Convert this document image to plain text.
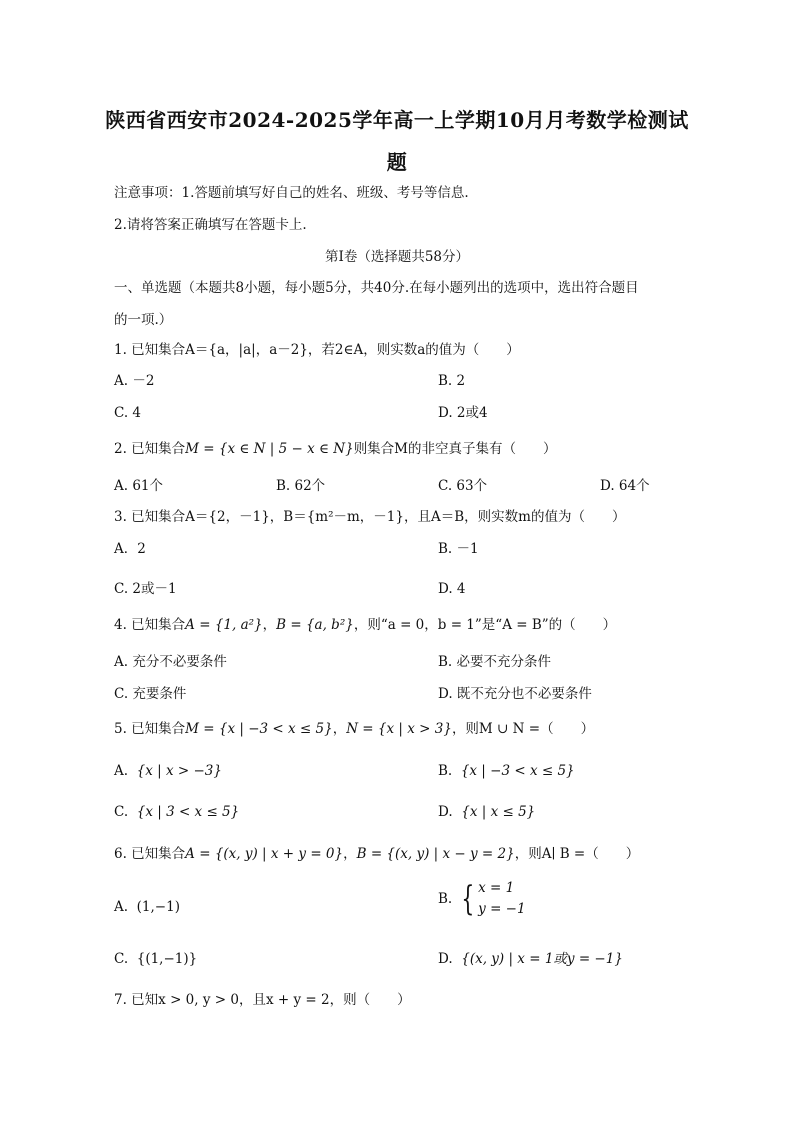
陕西省西安市2024-2025学年高一上学期10月月考数学检测试
题
注意事项：1.答题前填写好自己的姓名、班级、考号等信息.
2.请将答案正确填写在答题卡上.
第I卷（选择题共58分）
一、单选题（本题共8小题，每小题5分，共40分.在每小题列出的选项中，选出符合题目
的一项.）
1. 已知集合A＝{a，|a|，a－2}，若2∈A，则实数a的值为（　　）
A. －2	B. 2
C. 4	D. 2或4
2. 已知集合M = {x ∈ N | 5 − x ∈ N}则集合M的非空真子集有（　　）
A. 61个	B. 62个	C. 63个	D. 64个
3. 已知集合A＝{2，－1}，B＝{m²－m，－1}，且A＝B，则实数m的值为（　　）
A．2	B. －1
C. 2或－1	D. 4
4. 已知集合A = {1, a²}，B = {a, b²}，则“a = 0，b = 1”是“A = B”的（　　）
A. 充分不必要条件	B. 必要不充分条件
C. 充要条件	D. 既不充分也不必要条件
5. 已知集合M = {x | −3 < x ≤ 5}，N = {x | x > 3}，则M ∪ N =（　　）
A. {x | x > −3}	B. {x | −3 < x ≤ 5}
C. {x | 3 < x ≤ 5}	D. {x | x ≤ 5}
6. 已知集合A = {(x, y) | x + y = 0}，B = {(x, y) | x − y = 2}，则A∣ B =（　　）
A. (1,−1)	B. { x = 1
y = −1
C. {(1,−1)}	D. {(x, y) | x = 1或y = −1}
7. 已知x > 0, y > 0，且x + y = 2，则（　　）
